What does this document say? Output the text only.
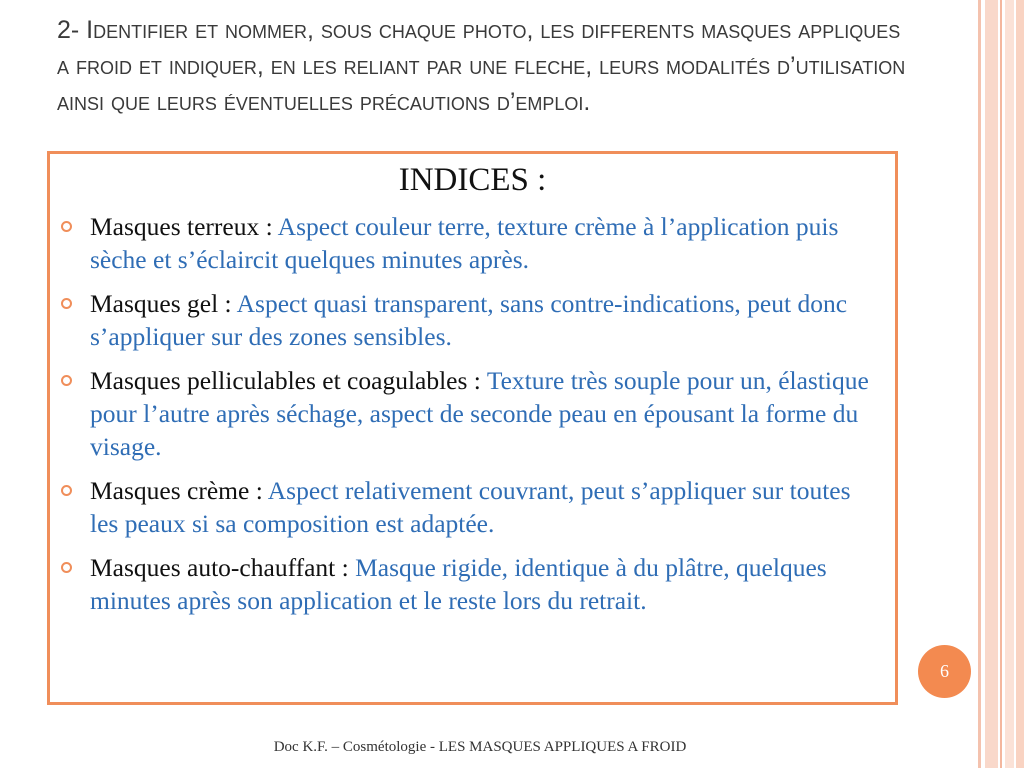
2- Identifier et nommer, sous chaque photo, les differents masques appliques a froid et indiquer, en les reliant par une fleche, leurs modalités d’utilisation ainsi que leurs éventuelles précautions d’emploi.
INDICES :
Masques terreux : Aspect couleur terre, texture crème à l’application puis sèche et s’éclaircit quelques minutes après.
Masques gel : Aspect quasi transparent, sans contre-indications, peut donc s’appliquer sur des zones sensibles.
Masques pelliculables et coagulables : Texture très souple pour un, élastique pour l’autre après séchage, aspect de seconde peau en épousant la forme du visage.
Masques crème : Aspect relativement couvrant, peut s’appliquer sur toutes les peaux si sa composition est adaptée.
Masques auto-chauffant : Masque rigide, identique à du plâtre, quelques minutes après son application et le reste lors du retrait.
6
Doc K.F. – Cosmétologie - LES MASQUES APPLIQUES A FROID
